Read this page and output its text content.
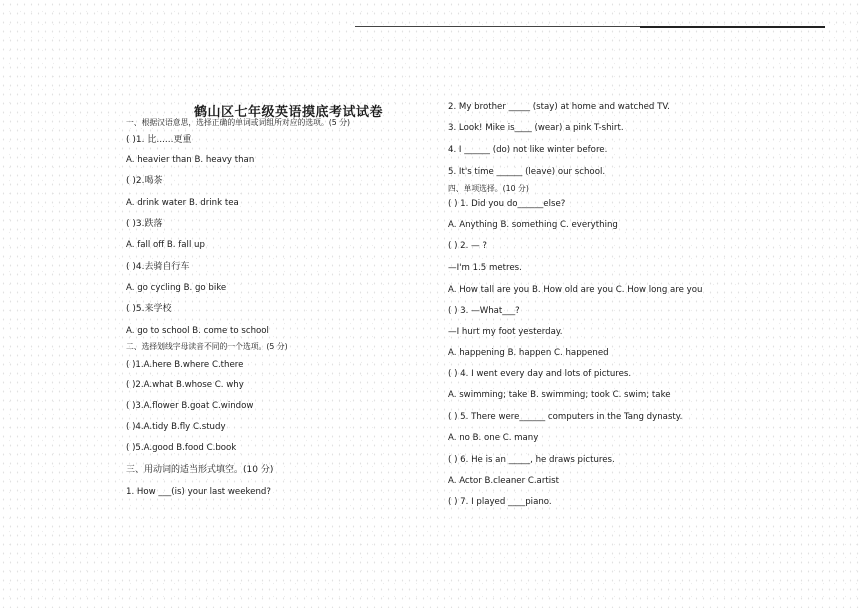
鹤山区七年级英语摸底考试试卷
一、根据汉语意思，选择正确的单词或词组所对应的选项。(5 分)
( )1. 比......更重
A. heavier than B. heavy than
( )2.喝茶
A. drink water B. drink tea
( )3.跌落
A. fall off B. fall up
( )4.去骑自行车
A. go cycling B. go bike
( )5.来学校
A. go to school B. come to school
二、选择划线字母读音不同的一个选项。(5 分)
( )1.A.here B.where C.there
( )2.A.what B.whose C. why
( )3.A.flower B.goat C.window
( )4.A.tidy B.fly C.study
( )5.A.good B.food C.book
三、用动词的适当形式填空。(10 分)
1. How ___(is) your last weekend?
2. My brother _____ (stay) at home and watched TV.
3. Look! Mike is____ (wear) a pink T-shirt.
4. I ______ (do) not like winter before.
5. It's time ______ (leave) our school.
四、单项选择。(10 分)
( ) 1. Did you do______else?
A. Anything B. something C. everything
( ) 2. — ?
—I'm 1.5 metres.
A. How tall are you B. How old are you C. How long are you
( ) 3. —What___?
—I hurt my foot yesterday.
A. happening B. happen C. happened
( ) 4. I went every day and lots of pictures.
A. swimming; take B. swimming; took C. swim; take
( ) 5. There were______ computers in the Tang dynasty.
A. no B. one C. many
( ) 6. He is an _____, he draws pictures.
A. Actor B.cleaner C.artist
( ) 7. I played ____piano.
